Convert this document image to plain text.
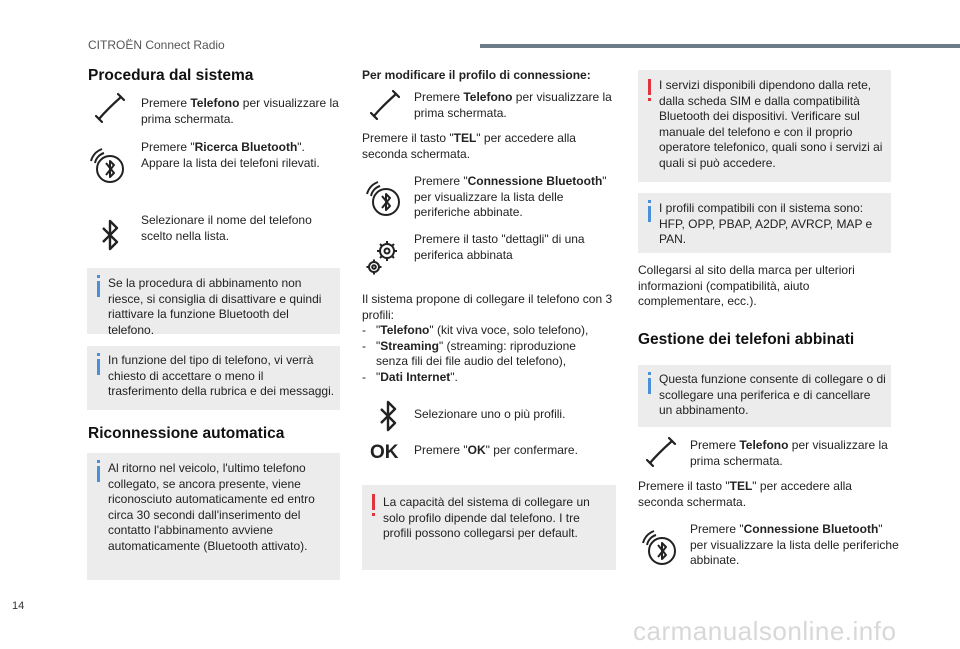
CITROËN Connect Radio
Procedura dal sistema
Premere Telefono per visualizzare la prima schermata.
Premere "Ricerca Bluetooth". Appare la lista dei telefoni rilevati.
Selezionare il nome del telefono scelto nella lista.
Se la procedura di abbinamento non riesce, si consiglia di disattivare e quindi riattivare la funzione Bluetooth del telefono.
In funzione del tipo di telefono, vi verrà chiesto di accettare o meno il trasferimento della rubrica e dei messaggi.
Riconnessione automatica
Al ritorno nel veicolo, l'ultimo telefono collegato, se ancora presente, viene riconosciuto automaticamente ed entro circa 30 secondi dall'inserimento del contatto l'abbinamento avviene automaticamente (Bluetooth attivato).
Per modificare il profilo di connessione:
Premere Telefono per visualizzare la prima schermata.
Premere il tasto "TEL" per accedere alla seconda schermata.
Premere "Connessione Bluetooth" per visualizzare la lista delle periferiche abbinate.
Premere il tasto "dettagli" di una periferica abbinata
Il sistema propone di collegare il telefono con 3 profili:
- "Telefono" (kit viva voce, solo telefono),
- "Streaming" (streaming: riproduzione senza fili dei file audio del telefono),
- "Dati Internet".
Selezionare uno o più profili.
OK Premere "OK" per confermare.
La capacità del sistema di collegare un solo profilo dipende dal telefono. I tre profili possono collegarsi per default.
I servizi disponibili dipendono dalla rete, dalla scheda SIM e dalla compatibilità Bluetooth dei dispositivi. Verificare sul manuale del telefono e con il proprio operatore telefonico, quali sono i servizi ai quali si può accedere.
I profili compatibili con il sistema sono: HFP, OPP, PBAP, A2DP, AVRCP, MAP e PAN.
Collegarsi al sito della marca per ulteriori informazioni (compatibilità, aiuto complementare, ecc.).
Gestione dei telefoni abbinati
Questa funzione consente di collegare o di scollegare una periferica e di cancellare un abbinamento.
Premere Telefono per visualizzare la prima schermata.
Premere il tasto "TEL" per accedere alla seconda schermata.
Premere "Connessione Bluetooth" per visualizzare la lista delle periferiche abbinate.
14
carmanualsonline.info
